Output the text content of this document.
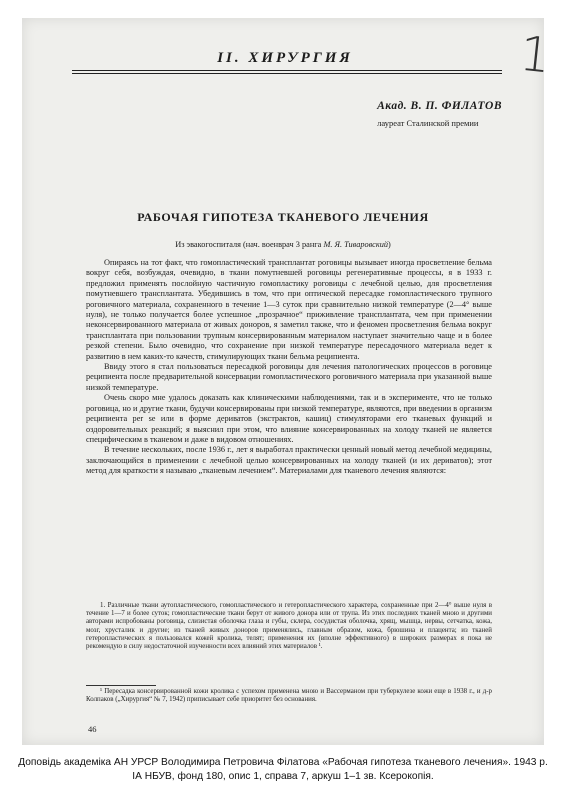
II. ХИРУРГИЯ	1
Акад. В. П. ФИЛАТОВ
лауреат Сталинской премии
РАБОЧАЯ ГИПОТЕЗА ТКАНЕВОГО ЛЕЧЕНИЯ
Из эвакогоспиталя (нач. военврач 3 ранга М. Я. Тиваровский)

Опираясь на тот факт, что гомопластический трансплантат роговицы вызывает иногда просветление бельма вокруг себя, возбуждая, очевидно, в ткани помутневшей роговицы регенеративные процессы, я в 1933 г. предложил применять послойную частичную гомопластику роговицы с лечебной целью, для просветления помутневшего трансплантата. Убедившись в том, что при оптической пересадке гомопластического трупного роговичного материала, сохраненного в течение 1—3 суток при сравнительно низкой температуре (2—4° выше нуля), не только получается более успешное „прозрачное“ приживление трансплантата, чем при применении неконсервированного материала от живых доноров, я заметил также, что и феномен просветления бельма вокруг трансплантата при пользовании трупным консервированным материалом наступает значительно чаще и в более резкой степени. Было очевидно, что сохранение при низкой температуре пересадочного материала ведет к развитию в нем каких-то качеств, стимулирующих ткани бельма реципиента.

Ввиду этого я стал пользоваться пересадкой роговицы для лечения патологических процессов в роговице реципиента после предварительной консервации гомопластического роговичного материала при указанной выше низкой температуре.

Очень скоро мне удалось доказать как клиническими наблюдениями, так и в эксперименте, что не только роговица, но и другие ткани, будучи консервированы при низкой температуре, являются, при введении в организм реципиента per se или в форме дериватов (экстрактов, кашиц) стимуляторами его тканевых функций и оздоровительных реакций; я выяснил при этом, что влияние консервированных на холоду тканей не является специфическим в тканевом и даже в видовом отношениях.

В течение нескольких, после 1936 г., лет я выработал практически ценный новый метод лечебной медицины, заключающийся в применении с лечебной целью консервированных на холоду тканей (и их дериватов); этот метод для краткости я называю „тканевым лечением“. Материалами для тканевого лечения являются:

1. Различные ткани аутопластического, гомопластического и гетеропластического характера, сохраненные при 2—4° выше нуля в течение 1—7 и более суток; гомопластические ткани берут от живого донора или от трупа. Из этих последних тканей мною и другими авторами испробованы роговица, слизистая оболочка глаза и губы, склера, сосудистая оболочка, хрящ, мышца, нервы, сетчатка, кожа, мозг, хрусталик и другие; из тканей живых доноров применялись, главным образом, кожа, брюшина и плацента; из тканей гетеропластических я пользовался кожей кролика, телят; применения их (вполне эффективного) в широких размерах я пока не рекомендую в силу недостаточной изученности всех влияний этих материалов ¹.

¹ Пересадка консервированной кожи кролика с успехом применена мною и Вассерманом при туберкулезе кожи еще в 1938 г., и д-р Колпаков („Хирургия“ № 7, 1942) приписывает себе приоритет без основания.

46
Доповідь академіка АН УРСР Володимира Петровича Філатова «Рабочая гипотеза тканевого лечения». 1943 р.
ІА НБУВ, фонд 180, опис 1, справа 7, аркуш 1–1 зв. Ксерокопія.
